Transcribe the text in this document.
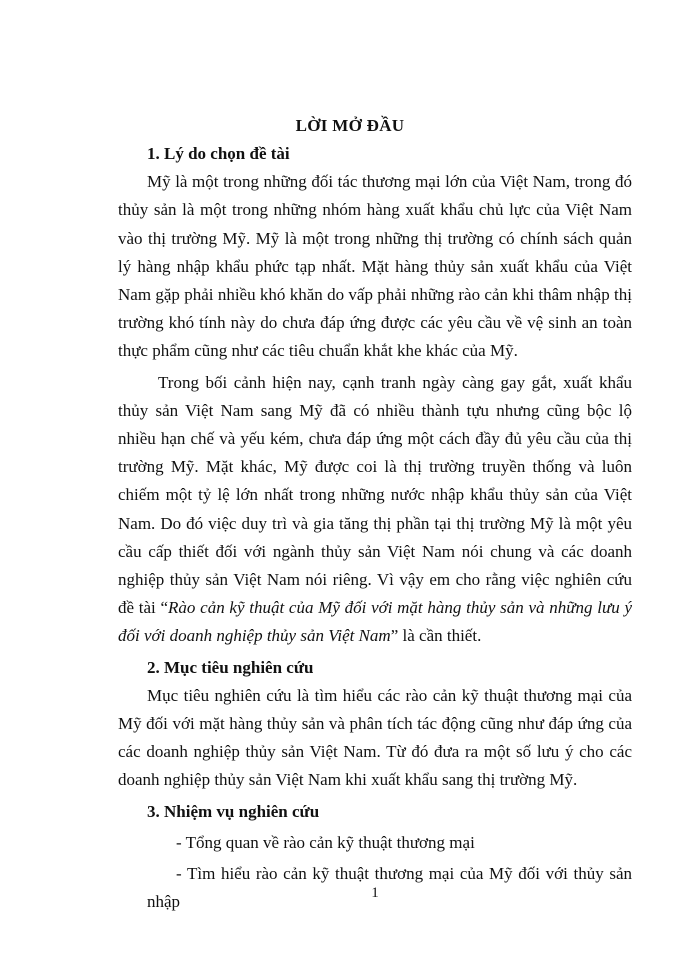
LỜI MỞ ĐẦU
1. Lý do chọn đề tài

Mỹ là một trong những đối tác thương mại lớn của Việt Nam, trong đó thủy sản là một trong những nhóm hàng xuất khẩu chủ lực của Việt Nam vào thị trường Mỹ. Mỹ là một trong những thị trường có chính sách quản lý hàng nhập khẩu phức tạp nhất. Mặt hàng thủy sản xuất khẩu của Việt Nam gặp phải nhiều khó khăn do vấp phải những rào cản khi thâm nhập thị trường khó tính này do chưa đáp ứng được các yêu cầu về vệ sinh an toàn thực phẩm cũng như các tiêu chuẩn khắt khe khác của Mỹ.

Trong bối cảnh hiện nay, cạnh tranh ngày càng gay gắt, xuất khẩu thủy sản Việt Nam sang Mỹ đã có nhiều thành tựu nhưng cũng bộc lộ nhiều hạn chế và yếu kém, chưa đáp ứng một cách đầy đủ yêu cầu của thị trường Mỹ. Mặt khác, Mỹ được coi là thị trường truyền thống và luôn chiếm một tỷ lệ lớn nhất trong những nước nhập khẩu thủy sản của Việt Nam. Do đó việc duy trì và gia tăng thị phần tại thị trường Mỹ là một yêu cầu cấp thiết đối với ngành thủy sản Việt Nam nói chung và các doanh nghiệp thủy sản Việt Nam nói riêng. Vì vậy em cho rằng việc nghiên cứu đề tài “Rào cản kỹ thuật của Mỹ đối với mặt hàng thủy sản và những lưu ý đối với doanh nghiệp thủy sản Việt Nam” là cần thiết.

2. Mục tiêu nghiên cứu

Mục tiêu nghiên cứu là tìm hiểu các rào cản kỹ thuật thương mại của Mỹ đối với mặt hàng thủy sản và phân tích tác động cũng như đáp ứng của các doanh nghiệp thủy sản Việt Nam. Từ đó đưa ra một số lưu ý cho các doanh nghiệp thủy sản Việt Nam khi xuất khẩu sang thị trường Mỹ.

3. Nhiệm vụ nghiên cứu

- Tổng quan về rào cản kỹ thuật thương mại

- Tìm hiểu rào cản kỹ thuật thương mại của Mỹ đối với thủy sản nhập	1
